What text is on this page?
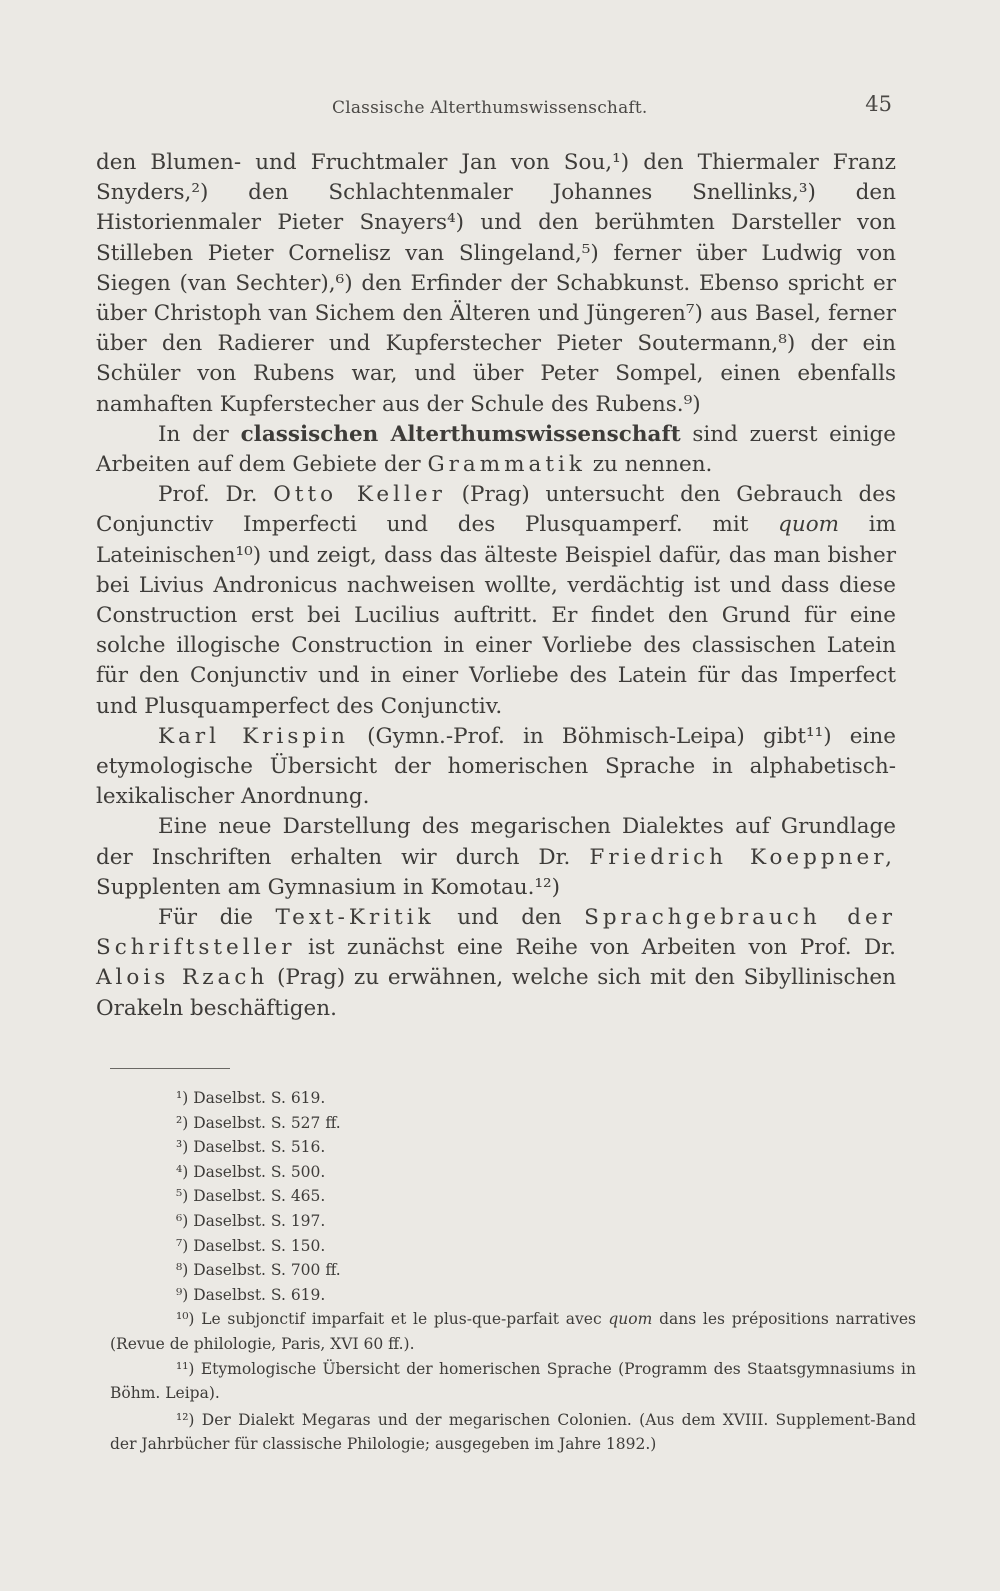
Classische Alterthumswissenschaft.	45

den Blumen- und Fruchtmaler Jan von Sou,¹) den Thiermaler Franz Snyders,²) den Schlachtenmaler Johannes Snellinks,³) den Historienmaler Pieter Snayers⁴) und den berühmten Darsteller von Stilleben Pieter Cornelisz van Slingeland,⁵) ferner über Ludwig von Siegen (van Sechter),⁶) den Erfinder der Schabkunst. Ebenso spricht er über Christoph van Sichem den Älteren und Jüngeren⁷) aus Basel, ferner über den Radierer und Kupferstecher Pieter Soutermann,⁸) der ein Schüler von Rubens war, und über Peter Sompel, einen ebenfalls namhaften Kupferstecher aus der Schule des Rubens.⁹)

In der classischen Alterthumswissenschaft sind zuerst einige Arbeiten auf dem Gebiete der Grammatik zu nennen.

Prof. Dr. Otto Keller (Prag) untersucht den Gebrauch des Conjunctiv Imperfecti und des Plusquamperf. mit quom im Lateinischen¹⁰) und zeigt, dass das älteste Beispiel dafür, das man bisher bei Livius Andronicus nachweisen wollte, verdächtig ist und dass diese Construction erst bei Lucilius auftritt. Er findet den Grund für eine solche illogische Construction in einer Vorliebe des classischen Latein für den Conjunctiv und in einer Vorliebe des Latein für das Imperfect und Plusquamperfect des Conjunctiv.

Karl Krispin (Gymn.-Prof. in Böhmisch-Leipa) gibt¹¹) eine etymologische Übersicht der homerischen Sprache in alphabetisch-lexikalischer Anordnung.

Eine neue Darstellung des megarischen Dialektes auf Grundlage der Inschriften erhalten wir durch Dr. Friedrich Koeppner, Supplenten am Gymnasium in Komotau.¹²)

Für die Text-Kritik und den Sprachgebrauch der Schriftsteller ist zunächst eine Reihe von Arbeiten von Prof. Dr. Alois Rzach (Prag) zu erwähnen, welche sich mit den Sibyllinischen Orakeln beschäftigen.

¹) Daselbst. S. 619.

²) Daselbst. S. 527 ff.

³) Daselbst. S. 516.

⁴) Daselbst. S. 500.

⁵) Daselbst. S. 465.

⁶) Daselbst. S. 197.

⁷) Daselbst. S. 150.

⁸) Daselbst. S. 700 ff.

⁹) Daselbst. S. 619.

¹⁰) Le subjonctif imparfait et le plus-que-parfait avec quom dans les prépositions narratives (Revue de philologie, Paris, XVI 60 ff.).

¹¹) Etymologische Übersicht der homerischen Sprache (Programm des Staatsgymnasiums in Böhm. Leipa).

¹²) Der Dialekt Megaras und der megarischen Colonien. (Aus dem XVIII. Supplement-Band der Jahrbücher für classische Philologie; ausgegeben im Jahre 1892.)
